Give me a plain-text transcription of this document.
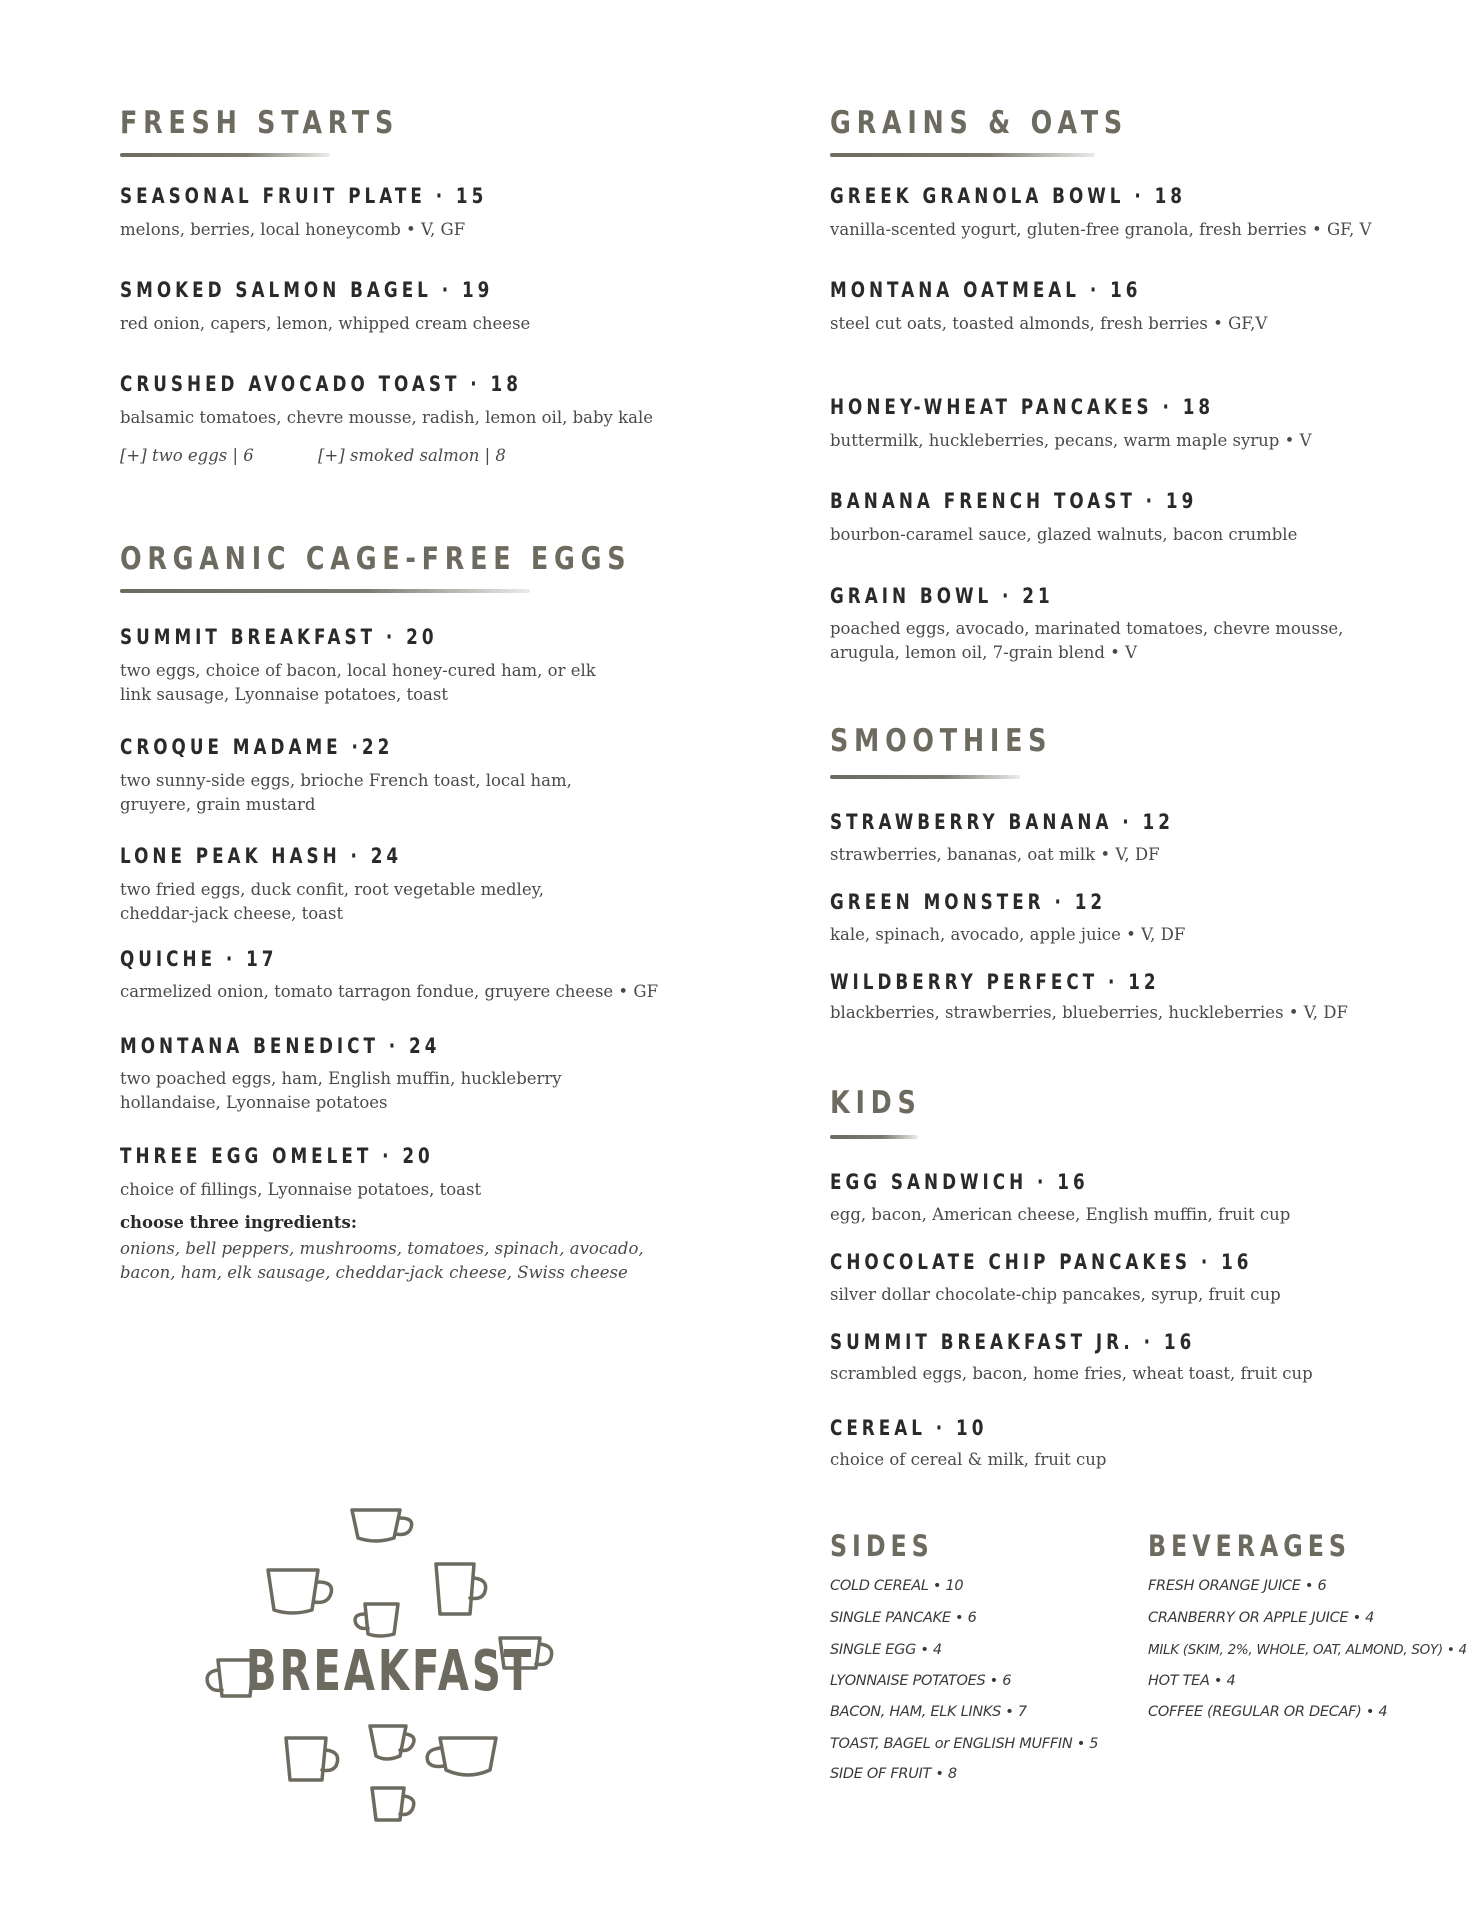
FRESH STARTS
SEASONAL FRUIT PLATE · 15
melons, berries, local honeycomb • V, GF
SMOKED SALMON BAGEL · 19
red onion, capers, lemon, whipped cream cheese
CRUSHED AVOCADO TOAST · 18
balsamic tomatoes, chevre mousse, radish, lemon oil, baby kale
[+] two eggs | 6	[+] smoked salmon | 8
ORGANIC CAGE-FREE EGGS
SUMMIT BREAKFAST · 20
two eggs, choice of bacon, local honey-cured ham, or elk
link sausage, Lyonnaise potatoes, toast
CROQUE MADAME ·22
two sunny-side eggs, brioche French toast, local ham,
gruyere, grain mustard
LONE PEAK HASH · 24
two fried eggs, duck confit, root vegetable medley,
cheddar-jack cheese, toast
QUICHE · 17
carmelized onion, tomato tarragon fondue, gruyere cheese • GF
MONTANA BENEDICT · 24
two poached eggs, ham, English muffin, huckleberry
hollandaise, Lyonnaise potatoes
THREE EGG OMELET · 20
choice of fillings, Lyonnaise potatoes, toast
choose three ingredients:
onions, bell peppers, mushrooms, tomatoes, spinach, avocado,
bacon, ham, elk sausage, cheddar-jack cheese, Swiss cheese
BREAKFAST
GRAINS & OATS
GREEK GRANOLA BOWL · 18
vanilla-scented yogurt, gluten-free granola, fresh berries • GF, V
MONTANA OATMEAL · 16
steel cut oats, toasted almonds, fresh berries • GF,V
HONEY-WHEAT PANCAKES · 18
buttermilk, huckleberries, pecans, warm maple syrup • V
BANANA FRENCH TOAST · 19
bourbon-caramel sauce, glazed walnuts, bacon crumble
GRAIN BOWL · 21
poached eggs, avocado, marinated tomatoes, chevre mousse,
arugula, lemon oil, 7-grain blend • V
SMOOTHIES
STRAWBERRY BANANA · 12
strawberries, bananas, oat milk • V, DF
GREEN MONSTER · 12
kale, spinach, avocado, apple juice • V, DF
WILDBERRY PERFECT · 12
blackberries, strawberries, blueberries, huckleberries • V, DF
KIDS
EGG SANDWICH · 16
egg, bacon, American cheese, English muffin, fruit cup
CHOCOLATE CHIP PANCAKES · 16
silver dollar chocolate-chip pancakes, syrup, fruit cup
SUMMIT BREAKFAST JR. · 16
scrambled eggs, bacon, home fries, wheat toast, fruit cup
CEREAL · 10
choice of cereal & milk, fruit cup
SIDES
COLD CEREAL • 10
SINGLE PANCAKE • 6
SINGLE EGG • 4
LYONNAISE POTATOES • 6
BACON, HAM, ELK LINKS • 7
TOAST, BAGEL or ENGLISH MUFFIN • 5
SIDE OF FRUIT • 8
BEVERAGES
FRESH ORANGE JUICE • 6
CRANBERRY OR APPLE JUICE • 4
MILK (SKIM, 2%, WHOLE, OAT, ALMOND, SOY) • 4
HOT TEA • 4
COFFEE (REGULAR OR DECAF) • 4
